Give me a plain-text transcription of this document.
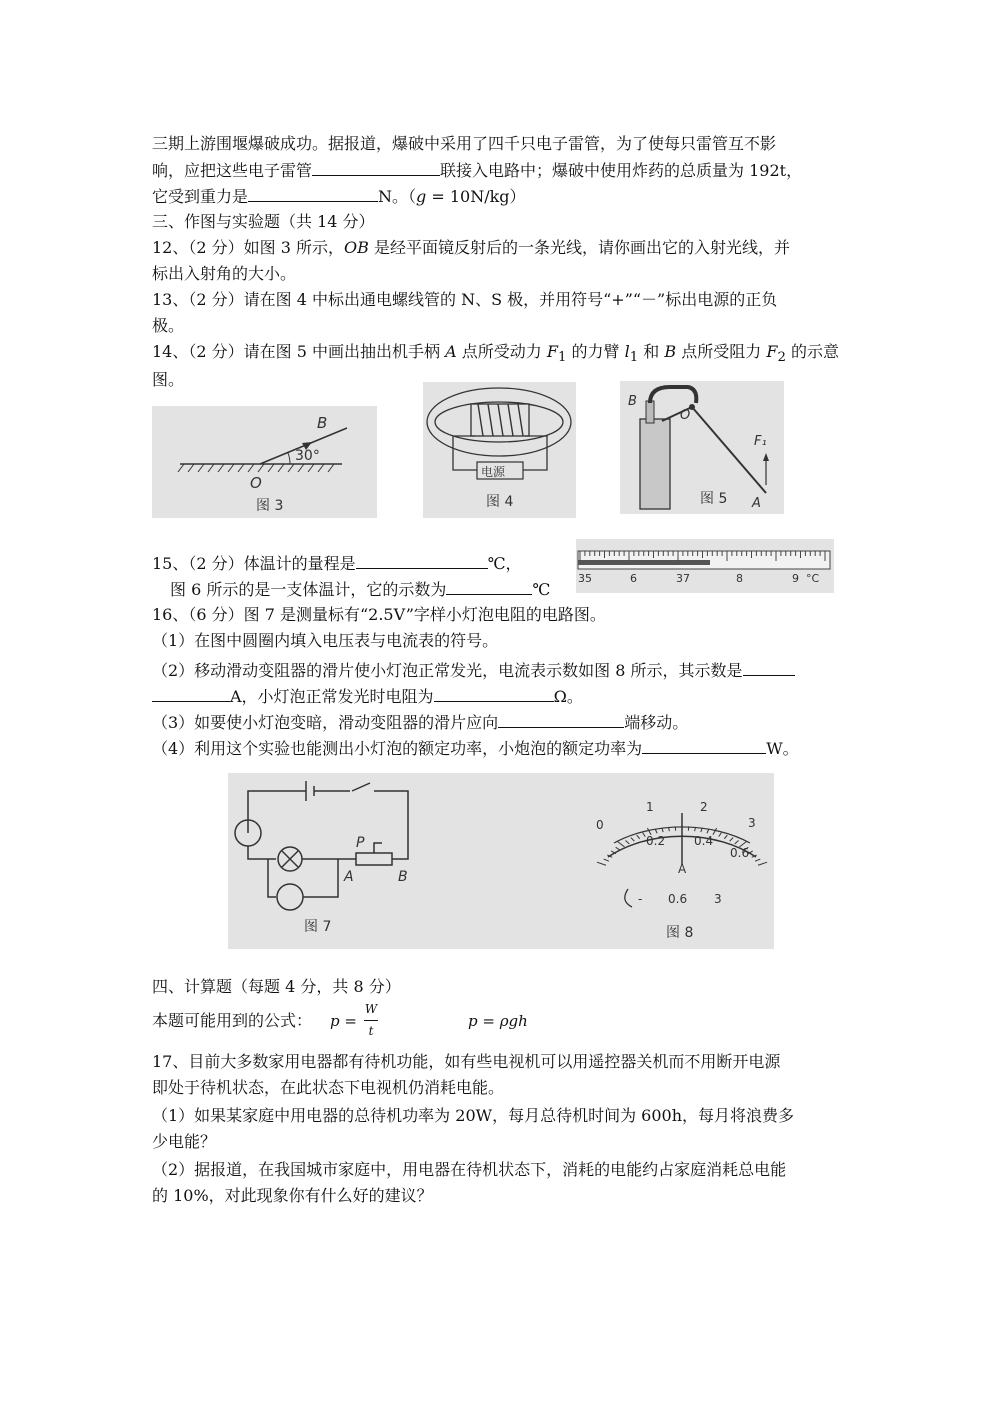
三期上游围堰爆破成功。据报道，爆破中采用了四千只电子雷管，为了使每只雷管互不影
响，应把这些电子雷管	联接入电路中；爆破中使用炸药的总质量为 192t，
它受到重力是	N。（g = 10N/kg）
三、作图与实验题（共 14 分）
12、（2 分）如图 3 所示，OB 是经平面镜反射后的一条光线，请你画出它的入射光线，并
标出入射角的大小。
13、（2 分）请在图 4 中标出通电螺线管的 N、S 极，并用符号“+”“－”标出电源的正负
极。
14、（2 分）请在图 5 中画出抽出机手柄 A 点所受动力 $F_1$ 的力臂 $l_1$ 和 B 点所受阻力 $F_2$ 的示意
图。
B
O
30°
图 3
电源
图 4
B
O
A
F₁
图 5
15、（2 分）体温计的量程是	℃，
图 6 所示的是一支体温计，它的示数为	℃
35	6	37	8	9 °C
16、（6 分）图 7 是测量标有“2.5V”字样小灯泡电阻的电路图。
（1）在图中圆圈内填入电压表与电流表的符号。
（2）移动滑动变阻器的滑片使小灯泡正常发光，电流表示数如图 8 所示，其示数是
A，小灯泡正常发光时电阻为	Ω。
（3）如要使小灯泡变暗，滑动变阻器的滑片应向	端移动。
（4）利用这个实验也能测出小灯泡的额定功率，小炮泡的额定功率为	W。
P
A	B
图 7
0
1	2
3
0.2 0.4
0.6
A
- 0.6 3
图 8
四、计算题（每题 4 分，共 8 分）
本题可能用到的公式： p =
W
t
p = ρgh
17、目前大多数家用电器都有待机功能，如有些电视机可以用遥控器关机而不用断开电源
即处于待机状态，在此状态下电视机仍消耗电能。
（1）如果某家庭中用电器的总待机功率为 20W，每月总待机时间为 600h，每月将浪费多
少电能？
（2）据报道，在我国城市家庭中，用电器在待机状态下，消耗的电能约占家庭消耗总电能
的 10%，对此现象你有什么好的建议？
